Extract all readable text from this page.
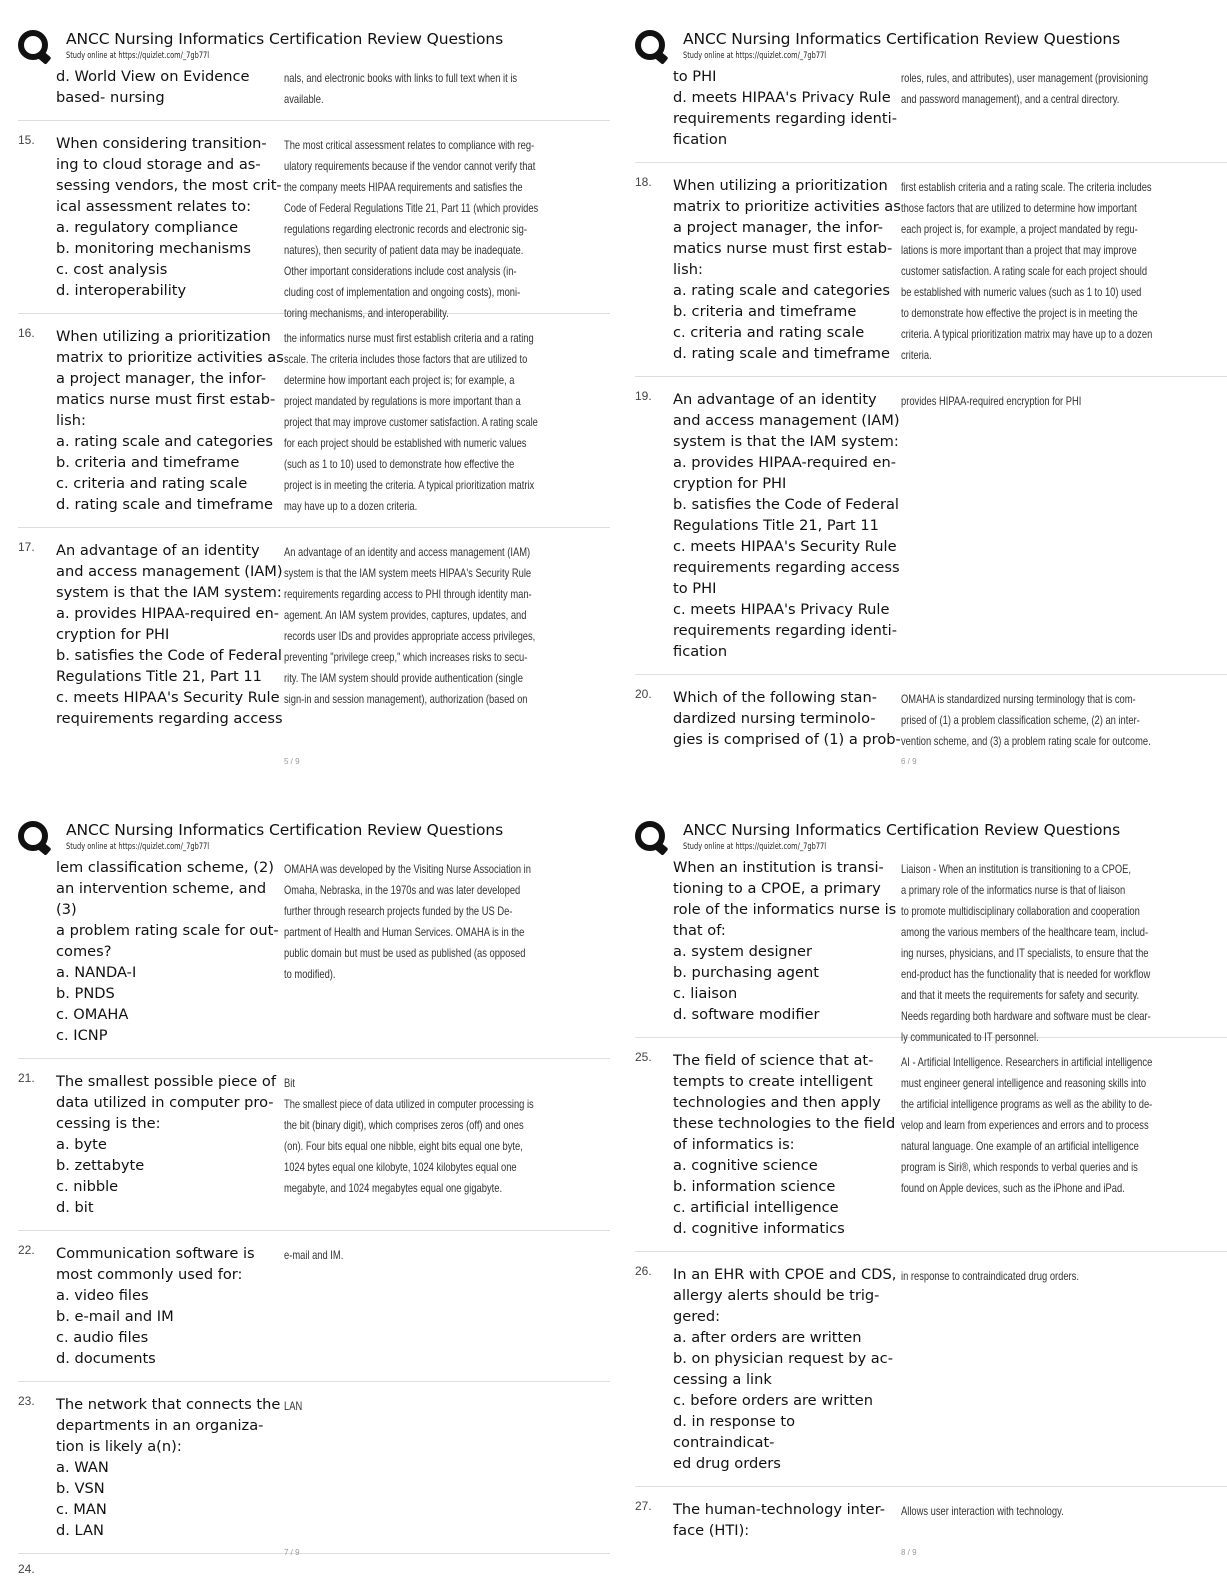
ANCC Nursing Informatics Certification Review Questions
Study online at https://quizlet.com/_7gb77l
d. World View on Evidence
based- nursing
nals, and electronic books with links to full text when it is
available.
15. When considering transition-
ing to cloud storage and as-
sessing vendors, the most crit-
ical assessment relates to:
a. regulatory compliance
b. monitoring mechanisms
c. cost analysis
d. interoperability
The most critical assessment relates to compliance with reg-
ulatory requirements because if the vendor cannot verify that
the company meets HIPAA requirements and satisfies the
Code of Federal Regulations Title 21, Part 11 (which provides
regulations regarding electronic records and electronic sig-
natures), then security of patient data may be inadequate.
Other important considerations include cost analysis (in-
cluding cost of implementation and ongoing costs), moni-
toring mechanisms, and interoperability.
16. When utilizing a prioritization
matrix to prioritize activities as
a project manager, the infor-
matics nurse must first estab-
lish:
a. rating scale and categories
b. criteria and timeframe
c. criteria and rating scale
d. rating scale and timeframe
the informatics nurse must first establish criteria and a rating
scale. The criteria includes those factors that are utilized to
determine how important each project is; for example, a
project mandated by regulations is more important than a
project that may improve customer satisfaction. A rating scale
for each project should be established with numeric values
(such as 1 to 10) used to demonstrate how effective the
project is in meeting the criteria. A typical prioritization matrix
may have up to a dozen criteria.
17. An advantage of an identity
and access management (IAM)
system is that the IAM system:
a. provides HIPAA-required en-
cryption for PHI
b. satisfies the Code of Federal
Regulations Title 21, Part 11
c. meets HIPAA's Security Rule
requirements regarding access
An advantage of an identity and access management (IAM)
system is that the IAM system meets HIPAA's Security Rule
requirements regarding access to PHI through identity man-
agement. An IAM system provides, captures, updates, and
records user IDs and provides appropriate access privileges,
preventing "privilege creep," which increases risks to secu-
rity. The IAM system should provide authentication (single
sign-in and session management), authorization (based on
5 / 9
ANCC Nursing Informatics Certification Review Questions
Study online at https://quizlet.com/_7gb77l
to PHI
d. meets HIPAA's Privacy Rule
requirements regarding identi-
fication
roles, rules, and attributes), user management (provisioning
and password management), and a central directory.
18. When utilizing a prioritization
matrix to prioritize activities as
a project manager, the infor-
matics nurse must first estab-
lish:
a. rating scale and categories
b. criteria and timeframe
c. criteria and rating scale
d. rating scale and timeframe
first establish criteria and a rating scale. The criteria includes
those factors that are utilized to determine how important
each project is, for example, a project mandated by regu-
lations is more important than a project that may improve
customer satisfaction. A rating scale for each project should
be established with numeric values (such as 1 to 10) used
to demonstrate how effective the project is in meeting the
criteria. A typical prioritization matrix may have up to a dozen
criteria.
19. An advantage of an identity
and access management (IAM)
system is that the IAM system:
a. provides HIPAA-required en-
cryption for PHI
b. satisfies the Code of Federal
Regulations Title 21, Part 11
c. meets HIPAA's Security Rule
requirements regarding access
to PHI
c. meets HIPAA's Privacy Rule
requirements regarding identi-
fication
provides HIPAA-required encryption for PHI
20. Which of the following stan-
dardized nursing terminolo-
gies is comprised of (1) a prob-
OMAHA is standardized nursing terminology that is com-
prised of (1) a problem classification scheme, (2) an inter-
vention scheme, and (3) a problem rating scale for outcome.
6 / 9
ANCC Nursing Informatics Certification Review Questions
Study online at https://quizlet.com/_7gb77l
lem classification scheme, (2)
an intervention scheme, and (3)
a problem rating scale for out-
comes?
a. NANDA-I
b. PNDS
c. OMAHA
c. ICNP
OMAHA was developed by the Visiting Nurse Association in
Omaha, Nebraska, in the 1970s and was later developed
further through research projects funded by the US De-
partment of Health and Human Services. OMAHA is in the
public domain but must be used as published (as opposed
to modified).
21. The smallest possible piece of
data utilized in computer pro-
cessing is the:
a. byte
b. zettabyte
c. nibble
d. bit
Bit
The smallest piece of data utilized in computer processing is
the bit (binary digit), which comprises zeros (off) and ones
(on). Four bits equal one nibble, eight bits equal one byte,
1024 bytes equal one kilobyte, 1024 kilobytes equal one
megabyte, and 1024 megabytes equal one gigabyte.
22. Communication software is
most commonly used for:
a. video files
b. e-mail and IM
c. audio files
d. documents
e-mail and IM.
23. The network that connects the
departments in an organiza-
tion is likely a(n):
a. WAN
b. VSN
c. MAN
d. LAN
LAN
24.
7 / 9
ANCC Nursing Informatics Certification Review Questions
Study online at https://quizlet.com/_7gb77l
When an institution is transi-
tioning to a CPOE, a primary
role of the informatics nurse is
that of:
a. system designer
b. purchasing agent
c. liaison
d. software modifier
Liaison - When an institution is transitioning to a CPOE,
a primary role of the informatics nurse is that of liaison
to promote multidisciplinary collaboration and cooperation
among the various members of the healthcare team, includ-
ing nurses, physicians, and IT specialists, to ensure that the
end-product has the functionality that is needed for workflow
and that it meets the requirements for safety and security.
Needs regarding both hardware and software must be clear-
ly communicated to IT personnel.
25. The field of science that at-
tempts to create intelligent
technologies and then apply
these technologies to the field
of informatics is:
a. cognitive science
b. information science
c. artificial intelligence
d. cognitive informatics
AI - Artificial Intelligence. Researchers in artificial intelligence
must engineer general intelligence and reasoning skills into
the artificial intelligence programs as well as the ability to de-
velop and learn from experiences and errors and to process
natural language. One example of an artificial intelligence
program is Siri®, which responds to verbal queries and is
found on Apple devices, such as the iPhone and iPad.
26. In an EHR with CPOE and CDS,
allergy alerts should be trig-
gered:
a. after orders are written
b. on physician request by ac-
cessing a link
c. before orders are written
d. in response to contraindicat-
ed drug orders
in response to contraindicated drug orders.
27. The human-technology inter-
face (HTI):
Allows user interaction with technology.
8 / 9
